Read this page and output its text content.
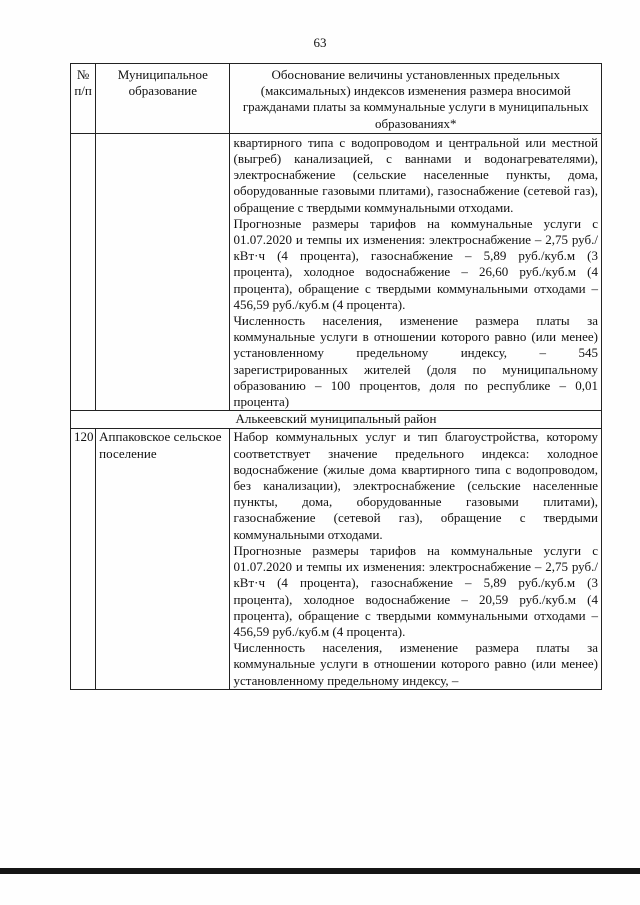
63
№ п/п	Муниципальное образование	Обоснование величины установленных предельных (максимальных) индексов изменения размера вносимой гражданами платы за коммунальные услуги в муниципальных образованиях*

		квартирного типа с водопроводом и центральной или местной (выгреб) канализацией, с ваннами и водонагревателями), электроснабжение (сельские населенные пункты, дома, оборудованные газовыми плитами), газоснабжение (сетевой газ), обращение с твердыми коммунальными отходами.

Прогнозные размеры тарифов на коммунальные услуги с 01.07.2020 и темпы их изменения: электроснабжение – 2,75 руб./кВт·ч (4 процента), газоснабжение – 5,89 руб./куб.м (3 процента), холодное водоснабжение – 26,60 руб./куб.м (4 процента), обращение с твердыми коммунальными отходами – 456,59 руб./куб.м (4 процента).

Численность населения, изменение размера платы за коммунальные услуги в отношении которого равно (или менее) установленному предельному индексу, – 545 зарегистрированных жителей (доля по муниципальному образованию – 100 процентов, доля по республике – 0,01 процента)

Алькеевский муниципальный район		
120	Аппаковское сельское поселение	Набор коммунальных услуг и тип благоустройства, которому соответствует значение предельного индекса: холодное водоснабжение (жилые дома квартирного типа с водопроводом, без канализации), электроснабжение (сельские населенные пункты, дома, оборудованные газовыми плитами), газоснабжение (сетевой газ), обращение с твердыми коммунальными отходами.

Прогнозные размеры тарифов на коммунальные услуги с 01.07.2020 и темпы их изменения: электроснабжение – 2,75 руб./кВт·ч (4 процента), газоснабжение – 5,89 руб./куб.м (3 процента), холодное водоснабжение – 20,59 руб./куб.м (4 процента), обращение с твердыми коммунальными отходами – 456,59 руб./куб.м (4 процента).

Численность населения, изменение размера платы за коммунальные услуги в отношении которого равно (или менее) установленному предельному индексу, –
